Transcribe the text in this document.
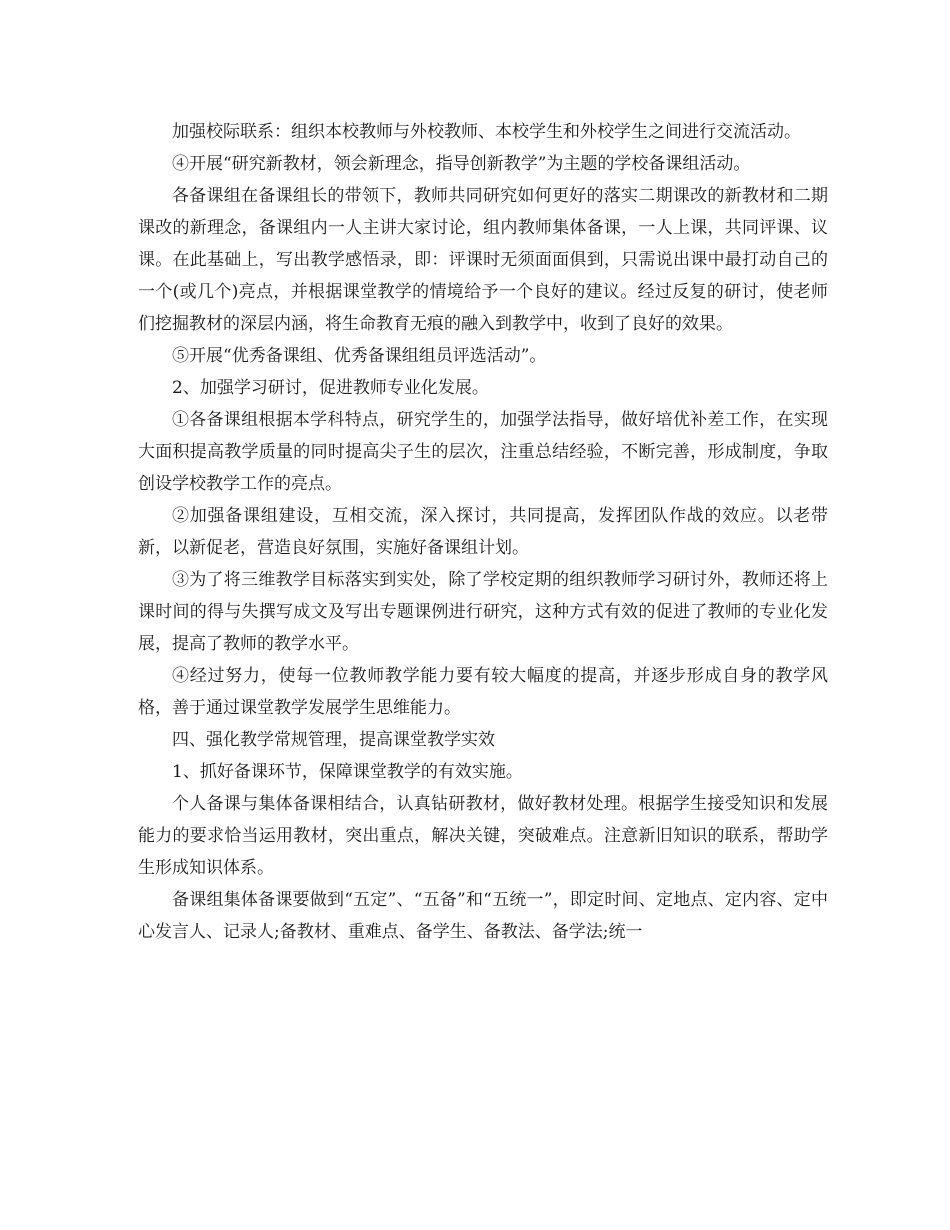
加强校际联系：组织本校教师与外校教师、本校学生和外校学生之间进行交流活动。

④开展“研究新教材，领会新理念，指导创新教学”为主题的学校备课组活动。

各备课组在备课组长的带领下，教师共同研究如何更好的落实二期课改的新教材和二期课改的新理念，备课组内一人主讲大家讨论，组内教师集体备课，一人上课，共同评课、议课。在此基础上，写出教学感悟录，即：评课时无须面面俱到，只需说出课中最打动自己的一个(或几个)亮点，并根据课堂教学的情境给予一个良好的建议。经过反复的研讨，使老师们挖掘教材的深层内涵，将生命教育无痕的融入到教学中，收到了良好的效果。

⑤开展“优秀备课组、优秀备课组组员评选活动”。

2、加强学习研讨，促进教师专业化发展。

①各备课组根据本学科特点，研究学生的，加强学法指导，做好培优补差工作，在实现大面积提高教学质量的同时提高尖子生的层次，注重总结经验，不断完善，形成制度，争取创设学校教学工作的亮点。

②加强备课组建设，互相交流，深入探讨，共同提高，发挥团队作战的效应。以老带新，以新促老，营造良好氛围，实施好备课组计划。

③为了将三维教学目标落实到实处，除了学校定期的组织教师学习研讨外，教师还将上课时间的得与失撰写成文及写出专题课例进行研究，这种方式有效的促进了教师的专业化发展，提高了教师的教学水平。

④经过努力，使每一位教师教学能力要有较大幅度的提高，并逐步形成自身的教学风格，善于通过课堂教学发展学生思维能力。

四、强化教学常规管理，提高课堂教学实效

1、抓好备课环节，保障课堂教学的有效实施。

个人备课与集体备课相结合，认真钻研教材，做好教材处理。根据学生接受知识和发展能力的要求恰当运用教材，突出重点，解决关键，突破难点。注意新旧知识的联系，帮助学生形成知识体系。

备课组集体备课要做到“五定”、“五备”和“五统一”，即定时间、定地点、定内容、定中心发言人、记录人;备教材、重难点、备学生、备教法、备学法;统一
